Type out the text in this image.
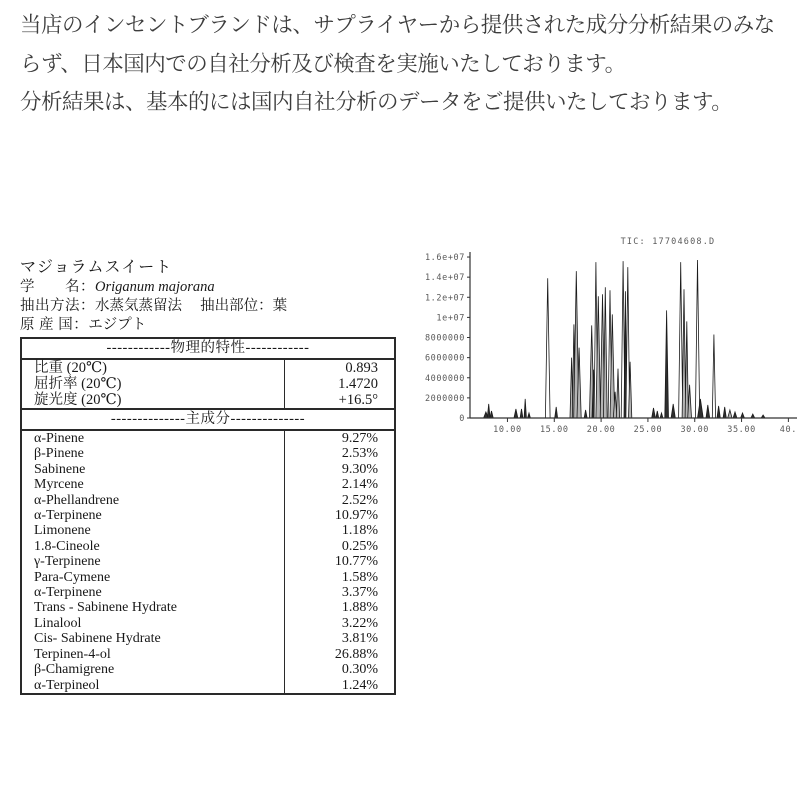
当店のインセントブランドは、サプライヤーから提供された成分分析結果のみならず、日本国内での自社分析及び検査を実施いたしております。

分析結果は、基本的には国内自社分析のデータをご提供いたしております。

マジョラムスイート
学　　名：Origanum majorana
抽出方法：水蒸気蒸留法　 抽出部位：葉
原 産 国：エジプト
------------物理的特性------------
比重 (20℃)	0.893
屈折率 (20℃)	1.4720
旋光度 (20℃)	+16.5°
--------------主成分--------------
α-Pinene	9.27%
β-Pinene	2.53%
Sabinene	9.30%
Myrcene	2.14%
α-Phellandrene	2.52%
α-Terpinene	10.97%
Limonene	1.18%
1.8-Cineole	0.25%
γ-Terpinene	10.77%
Para-Cymene	1.58%
α-Terpinene	3.37%
Trans - Sabinene Hydrate	1.88%
Linalool	3.22%
Cis- Sabinene Hydrate	3.81%
Terpinen-4-ol	26.88%
β-Chamigrene	0.30%
α-Terpineol	1.24%
1.6e+07
1.4e+07
1.2e+07
1e+07
8000000
6000000
4000000
2000000
0
10.00 15.00 20.00 25.00 30.00 35.00	40.
TIC: 17704608.D
